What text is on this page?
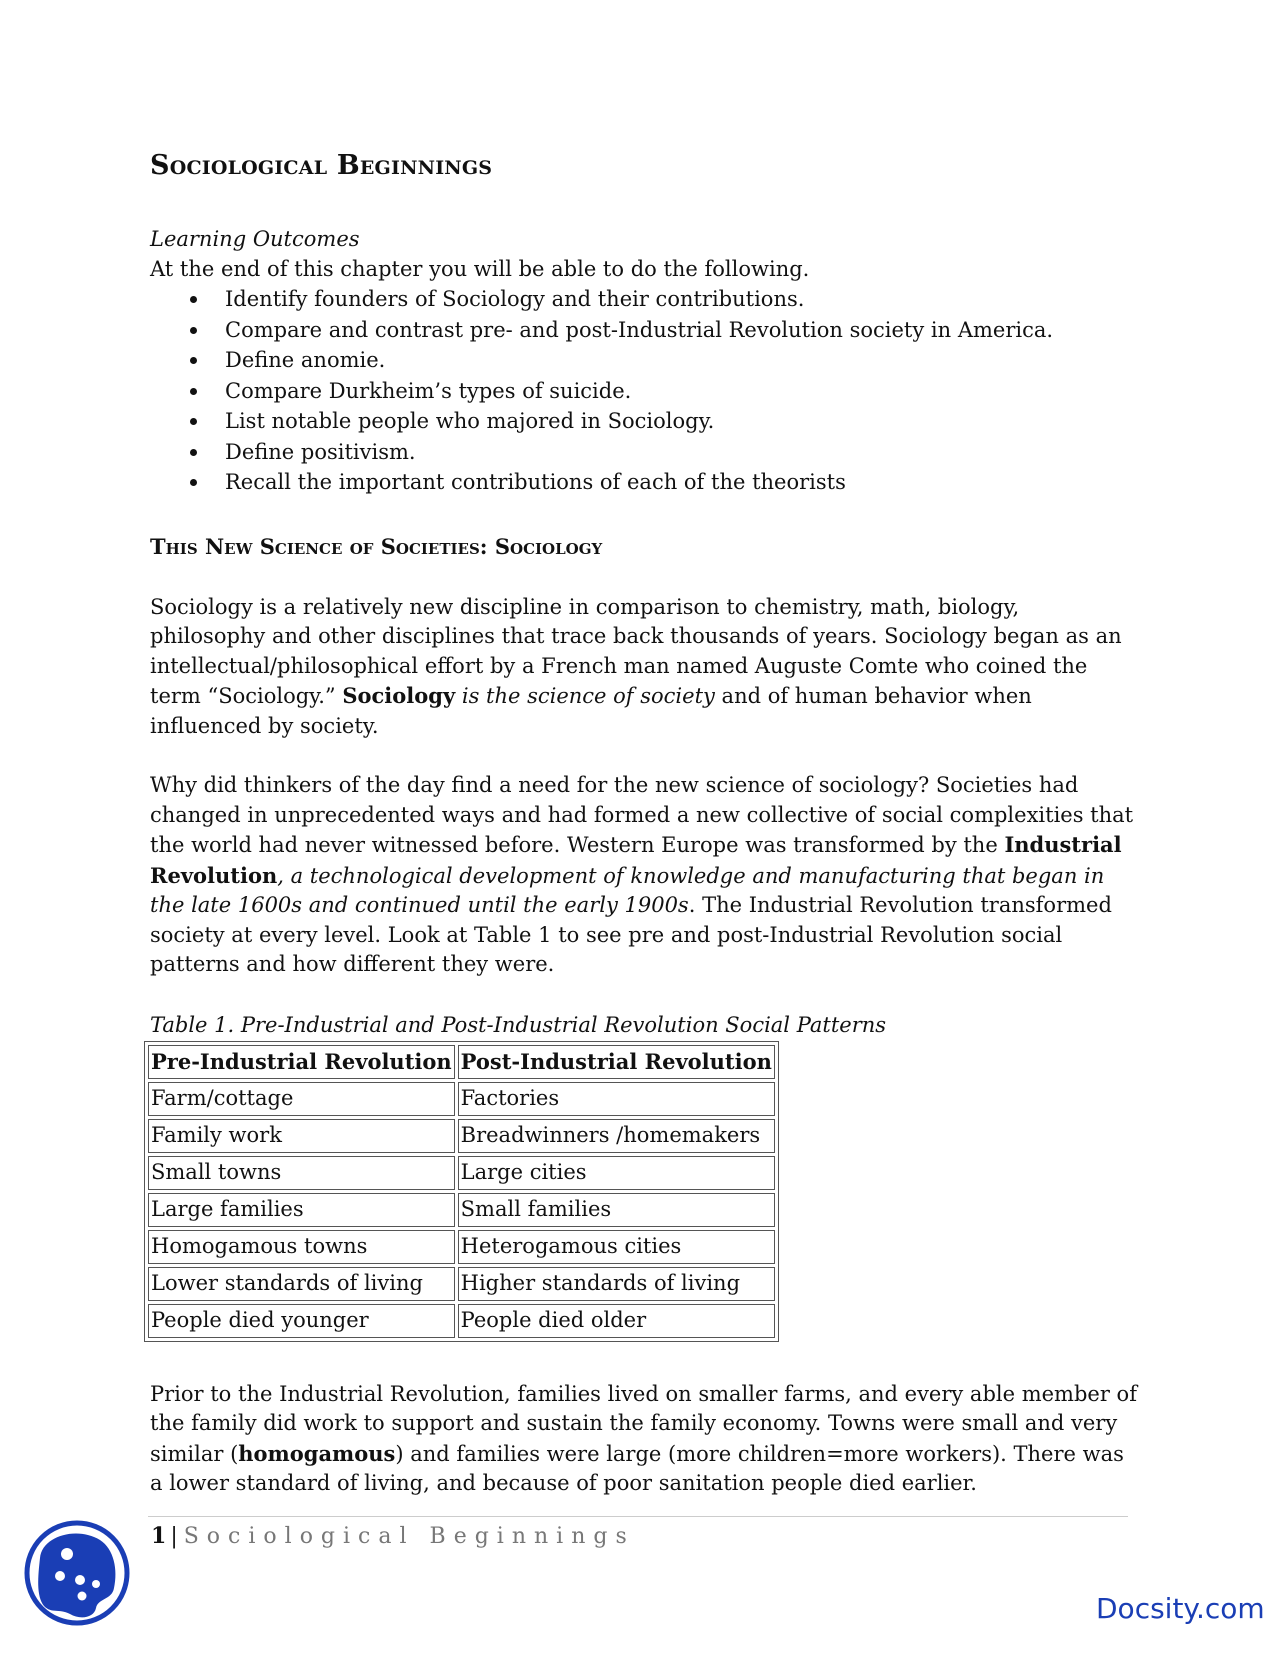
Sociological Beginnings
Learning Outcomes
At the end of this chapter you will be able to do the following.
Identify founders of Sociology and their contributions.
Compare and contrast pre- and post-Industrial Revolution society in America.
Define anomie.
Compare Durkheim’s types of suicide.
List notable people who majored in Sociology.
Define positivism.
Recall the important contributions of each of the theorists
This New Science of Societies: Sociology

Sociology is a relatively new discipline in comparison to chemistry, math, biology, philosophy and other disciplines that trace back thousands of years. Sociology began as an intellectual/philosophical effort by a French man named Auguste Comte who coined the term “Sociology.” Sociology is the science of society and of human behavior when influenced by society.

Why did thinkers of the day find a need for the new science of sociology? Societies had changed in unprecedented ways and had formed a new collective of social complexities that the world had never witnessed before. Western Europe was transformed by the Industrial Revolution, a technological development of knowledge and manufacturing that began in the late 1600s and continued until the early 1900s. The Industrial Revolution transformed society at every level. Look at Table 1 to see pre and post-Industrial Revolution social patterns and how different they were.

Table 1. Pre-Industrial and Post-Industrial Revolution Social Patterns
Pre-Industrial Revolution	Post-Industrial Revolution
Farm/cottage	Factories
Family work	Breadwinners /homemakers
Small towns	Large cities
Large families	Small families
Homogamous towns	Heterogamous cities
Lower standards of living	Higher standards of living
People died younger	People died older

Prior to the Industrial Revolution, families lived on smaller farms, and every able member of the family did work to support and sustain the family economy. Towns were small and very similar (homogamous) and families were large (more children=more workers). There was a lower standard of living, and because of poor sanitation people died earlier.

1 | Sociological Beginnings
Docsity.com
